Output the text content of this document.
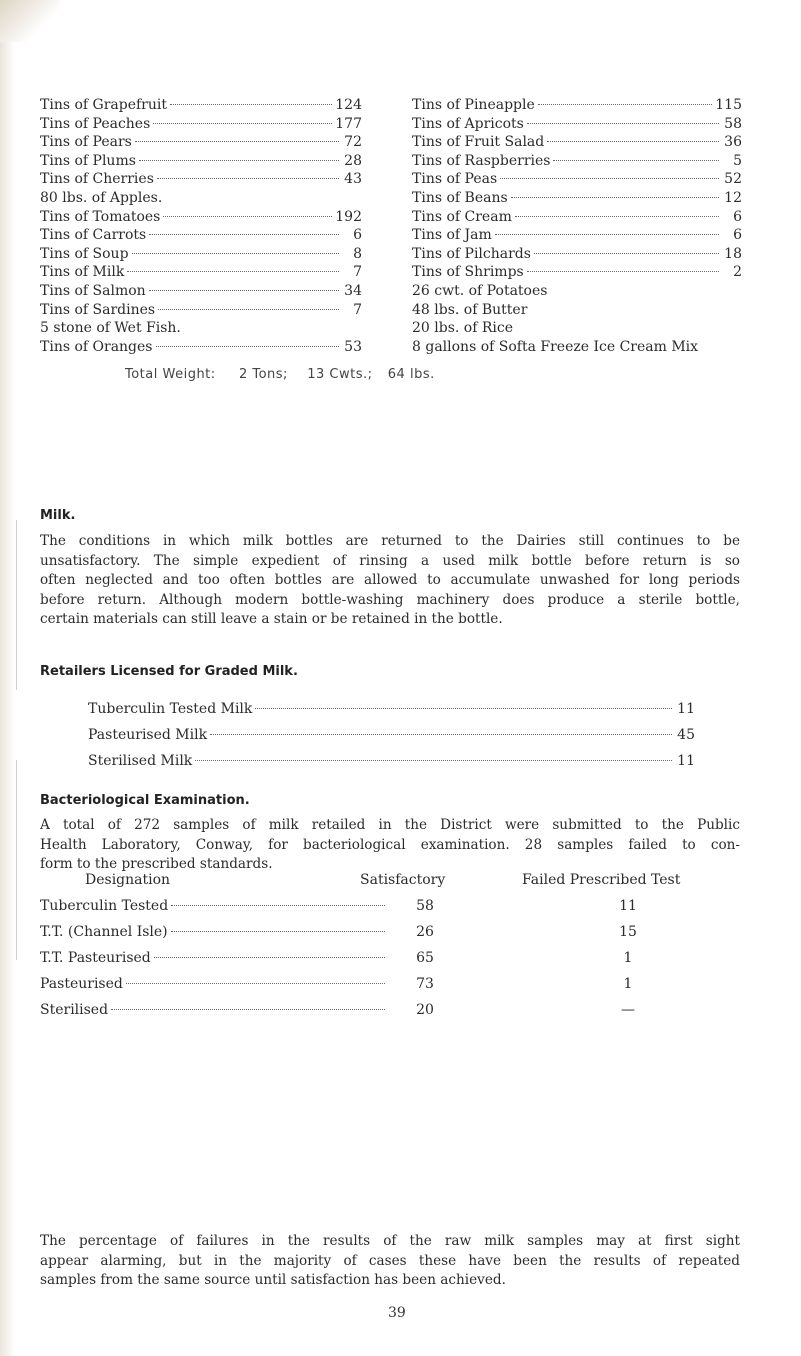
Tins of Grapefruit	124
Tins of Peaches	177
Tins of Pears	72
Tins of Plums	28
Tins of Cherries	43
80 lbs. of Apples.
Tins of Tomatoes	192
Tins of Carrots	6
Tins of Soup	8
Tins of Milk	7
Tins of Salmon	34
Tins of Sardines	7
5 stone of Wet Fish.
Tins of Oranges	53
Tins of Pineapple	115
Tins of Apricots	58
Tins of Fruit Salad	36
Tins of Raspberries	5
Tins of Peas	52
Tins of Beans	12
Tins of Cream	6
Tins of Jam	6
Tins of Pilchards	18
Tins of Shrimps	2
26 cwt. of Potatoes
48 lbs. of Butter
20 lbs. of Rice
8 gallons of Softa Freeze Ice Cream Mix
Total Weight: 2 Tons; 13 Cwts.; 64 lbs.
Milk.
The conditions in which milk bottles are returned to the Dairies still continues to be
unsatisfactory. The simple expedient of rinsing a used milk bottle before return is so
often neglected and too often bottles are allowed to accumulate unwashed for long periods
before return. Although modern bottle-washing machinery does produce a sterile bottle,
certain materials can still leave a stain or be retained in the bottle.
Retailers Licensed for Graded Milk.
Tuberculin Tested Milk	11
Pasteurised Milk	45
Sterilised Milk	11
Bacteriological Examination.
A total of 272 samples of milk retailed in the District were submitted to the Public
Health Laboratory, Conway, for bacteriological examination. 28 samples failed to con-
form to the prescribed standards.
Designation	Satisfactory	Failed Prescribed Test
Tuberculin Tested	58	11
T.T. (Channel Isle)	26	15
T.T. Pasteurised	65	1
Pasteurised	73	1
Sterilised	20	—
The percentage of failures in the results of the raw milk samples may at first sight
appear alarming, but in the majority of cases these have been the results of repeated
samples from the same source until satisfaction has been achieved.
39
